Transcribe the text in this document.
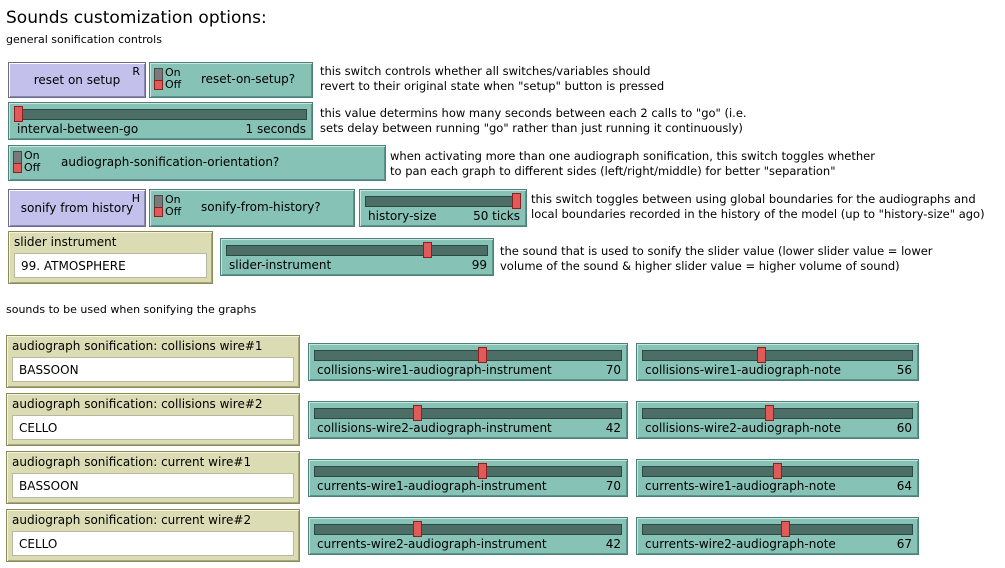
Sounds customization options:
general sonification controls
reset on setup
R On
Off reset-on-setup?
this switch controls whether all switches/variables should
revert to their original state when "setup" button is pressed
interval-between-go	1 seconds
this value determins how many seconds between each 2 calls to "go" (i.e.
sets delay between running "go" rather than just running it continuously)
On
Off audiograph-sonification-orientation?	when activating more than one audiograph sonification, this switch toggles whether
to pan each graph to different sides (left/right/middle) for better "separation"
sonify from history
H On
Off sonify-from-history?
history-size	50 ticks
this switch toggles between using global boundaries for the audiographs and
local boundaries recorded in the history of the model (up to "history-size" ago)
slider instrument
99. ATMOSPHERE	slider-instrument	99
the sound that is used to sonify the slider value (lower slider value = lower
volume of the sound & higher slider value = higher volume of sound)
sounds to be used when sonifying the graphs
audiograph sonification: collisions wire#1
BASSOON	collisions-wire1-audiograph-instrument	70 collisions-wire1-audiograph-note	56
audiograph sonification: collisions wire#2
CELLO	collisions-wire2-audiograph-instrument	42 collisions-wire2-audiograph-note	60
audiograph sonification: current wire#1
BASSOON	currents-wire1-audiograph-instrument	70 currents-wire1-audiograph-note	64
audiograph sonification: current wire#2
CELLO	currents-wire2-audiograph-instrument	42 currents-wire2-audiograph-note	67
